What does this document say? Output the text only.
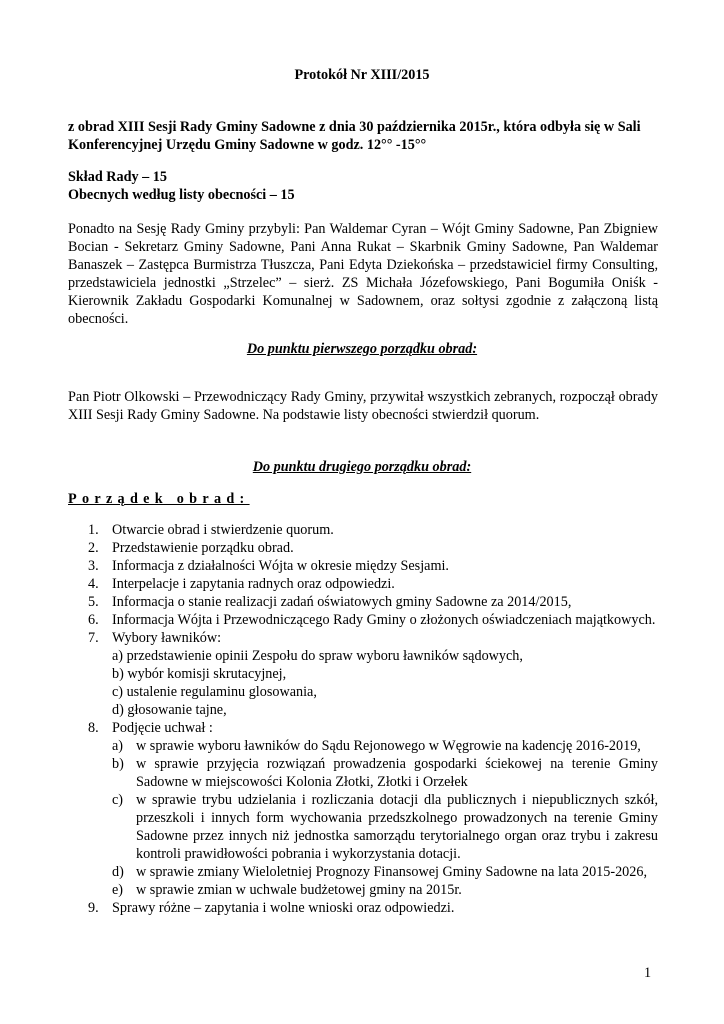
Protokół Nr XIII/2015
z obrad XIII Sesji Rady Gminy Sadowne z dnia 30 października 2015r., która odbyła się w Sali Konferencyjnej Urzędu Gminy Sadowne w godz. 12°° -15°°
Skład Rady – 15
Obecnych według listy obecności – 15
Ponadto na Sesję Rady Gminy przybyli: Pan Waldemar Cyran – Wójt Gminy Sadowne, Pan Zbigniew Bocian - Sekretarz Gminy Sadowne, Pani Anna Rukat – Skarbnik Gminy Sadowne, Pan Waldemar Banaszek – Zastępca Burmistrza Tłuszcza, Pani Edyta Dziekońska – przedstawiciel firmy Consulting, przedstawiciela jednostki „Strzelec” – sierż. ZS Michała Józefowskiego, Pani Bogumiła Oniśk - Kierownik Zakładu Gospodarki Komunalnej w Sadownem, oraz sołtysi zgodnie z załączoną listą obecności.
Do punktu pierwszego porządku obrad:
Pan Piotr Olkowski – Przewodniczący Rady Gminy, przywitał wszystkich zebranych, rozpoczął obrady XIII Sesji Rady Gminy Sadowne. Na podstawie listy obecności stwierdził quorum.
Do punktu drugiego porządku obrad:
Porządek obrad:
1. Otwarcie obrad i stwierdzenie quorum.
2. Przedstawienie porządku obrad.
3. Informacja z działalności Wójta w okresie między Sesjami.
4. Interpelacje i zapytania radnych oraz odpowiedzi.
5. Informacja o stanie realizacji zadań oświatowych gminy Sadowne za 2014/2015,
6. Informacja Wójta i Przewodniczącego Rady Gminy o złożonych oświadczeniach majątkowych.
7. Wybory ławników:
a) przedstawienie opinii Zespołu do spraw wyboru ławników sądowych,
b) wybór komisji skrutacyjnej,
c) ustalenie regulaminu glosowania,
d) głosowanie tajne,
8. Podjęcie uchwał :
a) w sprawie wyboru ławników do Sądu Rejonowego w Węgrowie na kadencję 2016-2019,
b) w sprawie przyjęcia rozwiązań prowadzenia gospodarki ściekowej na terenie Gminy Sadowne w miejscowości Kolonia Złotki, Złotki i Orzełek
c) w sprawie trybu udzielania i rozliczania dotacji dla publicznych i niepublicznych szkół, przeszkoli i innych form wychowania przedszkolnego prowadzonych na terenie Gminy Sadowne przez innych niż jednostka samorządu terytorialnego organ oraz trybu i zakresu kontroli prawidłowości pobrania i wykorzystania dotacji.
d) w sprawie zmiany Wieloletniej Prognozy Finansowej Gminy Sadowne na lata 2015-2026,
e) w sprawie zmian w uchwale budżetowej gminy na 2015r.
9. Sprawy różne – zapytania i wolne wnioski oraz odpowiedzi.
1
